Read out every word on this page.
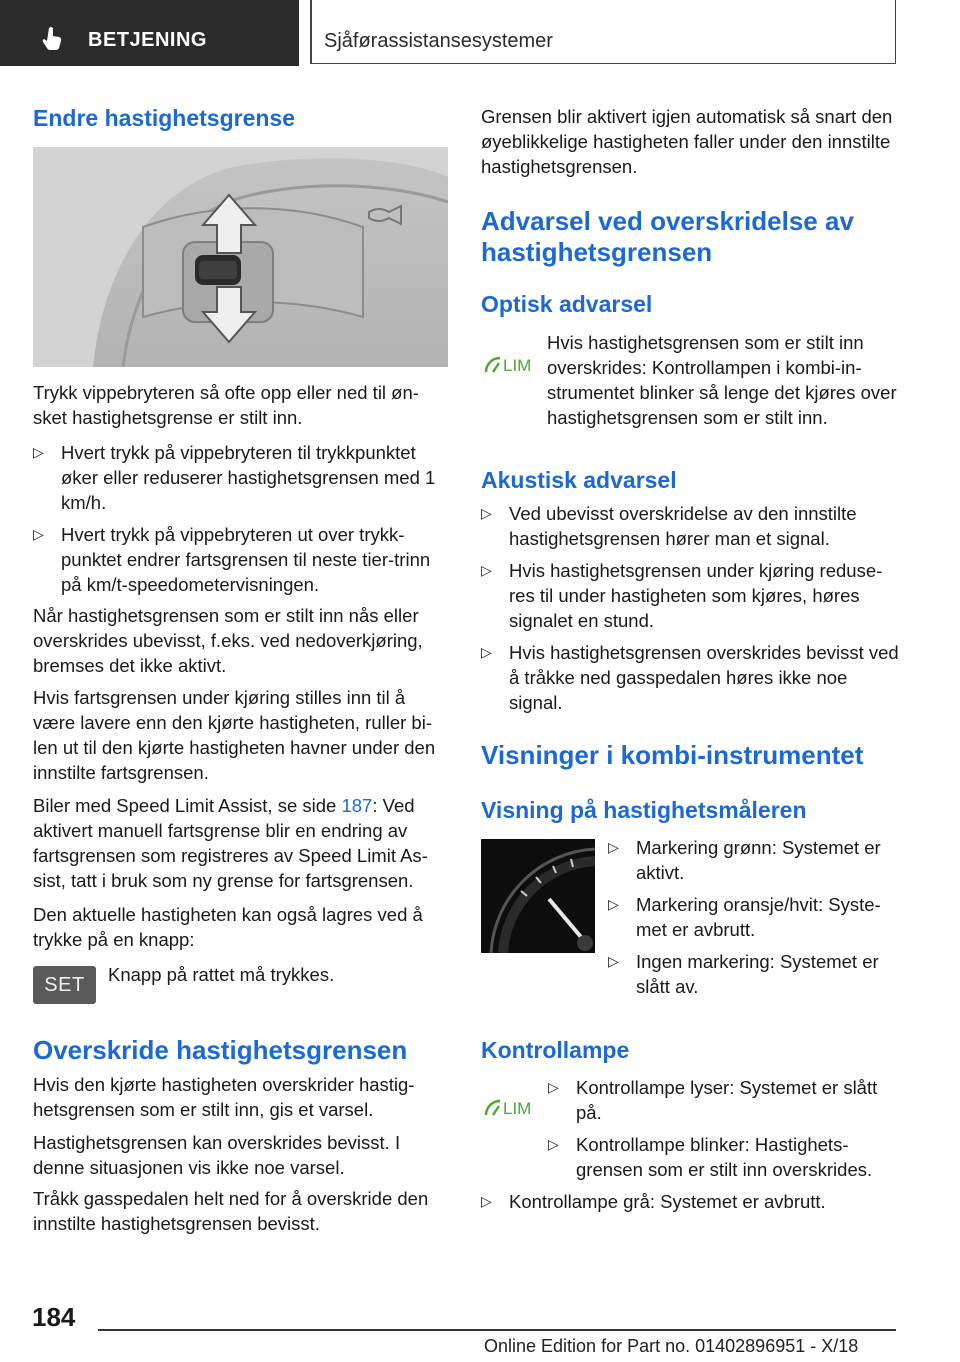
BETJENING	Sjåførassistansesystemer
Endre hastighetsgrense
Trykk vippebryteren så ofte opp eller ned til øn-sket hastighetsgrense er stilt inn.
▷ Hvert trykk på vippebryteren til trykkpunktet øker eller reduserer hastighetsgrensen med 1 km/h.
▷ Hvert trykk på vippebryteren ut over trykk-punktet endrer fartsgrensen til neste tier-trinn på km/t-speedometervisningen.
Når hastighetsgrensen som er stilt inn nås eller overskrides ubevisst, f.eks. ved nedoverkjøring, bremses det ikke aktivt.
Hvis fartsgrensen under kjøring stilles inn til å være lavere enn den kjørte hastigheten, ruller bi-len ut til den kjørte hastigheten havner under den innstilte fartsgrensen.
Biler med Speed Limit Assist, se side 187: Ved aktivert manuell fartsgrense blir en endring av fartsgrensen som registreres av Speed Limit As-sist, tatt i bruk som ny grense for fartsgrensen.
Den aktuelle hastigheten kan også lagres ved å trykke på en knapp:
SET	Knapp på rattet må trykkes.
Overskride hastighetsgrensen
Hvis den kjørte hastigheten overskrider hastig-hetsgrensen som er stilt inn, gis et varsel.
Hastighetsgrensen kan overskrides bevisst. I denne situasjonen vis ikke noe varsel.
Tråkk gasspedalen helt ned for å overskride den innstilte hastighetsgrensen bevisst.
Grensen blir aktivert igjen automatisk så snart den øyeblikkelige hastigheten faller under den innstilte hastighetsgrensen.
Advarsel ved overskridelse av
hastighetsgrensen
Optisk advarsel
LIM
Hvis hastighetsgrensen som er stilt inn overskrides: Kontrollampen i kombi-in-strumentet blinker så lenge det kjøres over hastighetsgrensen som er stilt inn.
Akustisk advarsel
▷ Ved ubevisst overskridelse av den innstilte hastighetsgrensen hører man et signal.
▷ Hvis hastighetsgrensen under kjøring reduse-res til under hastigheten som kjøres, høres signalet en stund.
▷ Hvis hastighetsgrensen overskrides bevisst ved å tråkke ned gasspedalen høres ikke noe signal.
Visninger i kombi-instrumentet
Visning på hastighetsmåleren
▷ Markering grønn: Systemet er aktivt.
▷ Markering oransje/hvit: Syste-met er avbrutt.
▷ Ingen markering: Systemet er slått av.
Kontrollampe
LIM
▷ Kontrollampe lyser: Systemet er slått på.
▷ Kontrollampe blinker: Hastighets-grensen som er stilt inn overskrides.
▷ Kontrollampe grå: Systemet er avbrutt.
184
Online Edition for Part no. 01402896951 - X/18
